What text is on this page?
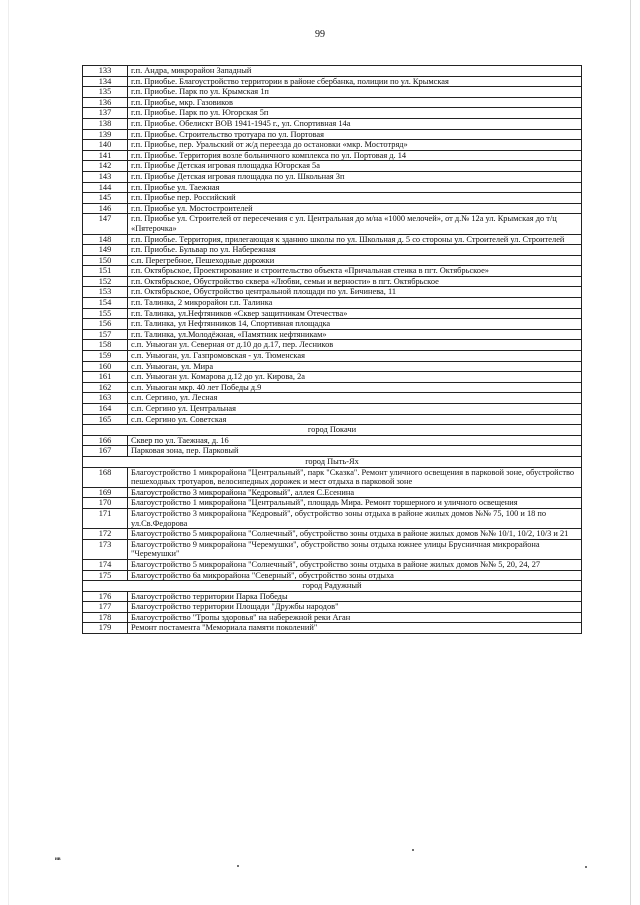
99
133	г.п. Андра, микрорайон Западный
134	г.п. Приобье. Благоустройство территории в районе сбербанка, полиции по ул. Крымская
135	г.п. Приобье. Парк по ул. Крымская 1п
136	г.п. Приобье, мкр. Газовиков
137	г.п. Приобье. Парк по ул. Югорская 5п
138	г.п. Приобье. Обелискт ВОВ 1941-1945 г., ул. Спортивная 14а
139	г.п. Приобье. Строительство тротуара по ул. Портовая
140	г.п. Приобье, пер. Уральский от ж/д переезда до остановки «мкр. Мостотряд»
141	г.п. Приобье. Территория возле больничного комплекса по ул. Портовая д. 14
142	г.п. Приобье Детская игровая площадка Югорская 5а
143	г.п. Приобье Детская игровая площадка по ул. Школьная 3п
144	г.п. Приобье ул. Таежная
145	г.п. Приобье пер. Российский
146	г.п. Приобье ул. Мостостроителей
147	г.п. Приобье ул. Строителей от пересечения с ул. Центральная до м/на «1000 мелочей», от д.№ 12а ул. Крымская до т/ц «Пятерочка»
148	г.п. Приобье. Территория, прилегающая к зданию школы по ул. Школьная д. 5 со стороны ул. Строителей ул. Строителей
149	г.п. Приобье. Бульвар по ул. Набережная
150	с.п. Перегребное, Пешеходные дорожки
151	г.п. Октябрьское, Проектирование и строительство объекта «Причальная стенка в пгт. Октябрьское»
152	г.п. Октябрьское, Обустройство сквера «Любви, семьи и верности» в пгт. Октябрьское
153	г.п. Октябрьское, Обустройство центральной площади по ул. Бичинева, 11
154	г.п. Талинка, 2 микрорайон г.п. Талинка
155	г.п. Талинка, ул.Нефтяников «Сквер защитникам Отечества»
156	г.п. Талинка, ул Нефтянников 14, Спортивная площадка
157	г.п. Талинка, ул.Молодёжная, «Памятник нефтяникам»
158	с.п. Уньюган ул. Северная от д.10 до д.17, пер. Лесников
159	с.п. Уньюган, ул. Газпромовская - ул. Тюменская
160	с.п. Уньюган, ул. Мира
161	с.п. Уньюган ул. Комарова д.12 до ул. Кирова, 2а
162	с.п. Уньюган мкр. 40 лет Победы д.9
163	с.п. Сергино, ул. Лесная
164	с.п. Сергино ул. Центральная
165	с.п. Сергино ул. Советская
город Покачи	
166	Сквер по ул. Таежная, д. 16
167	Парковая зона, пер. Парковый
город Пыть-Ях	
168	Благоустройство 1 микрорайона "Центральный", парк "Сказка". Ремонт уличного освещения в парковой зоне, обустройство пешеходных тротуаров, велосипедных дорожек и мест отдыха в парковой зоне
169	Благоустройство 3 микрорайона "Кедровый", аллея С.Есенина
170	Благоустройство 1 микрорайона "Центральный", площадь Мира. Ремонт торшерного и уличного освещения
171	Благоустройство 3 микрорайона "Кедровый", обустройство зоны отдыха в районе жилых домов №№ 75, 100 и 18 по ул.Св.Федорова
172	Благоустройство 5 микрорайона "Солнечный", обустройство зоны отдыха в районе жилых домов №№ 10/1, 10/2, 10/3 и 21
173	Благоустройство 9 микрорайона "Черемушки", обустройство зоны отдыха южнее улицы Брусничная микрорайона "Черемушки"
174	Благоустройство 5 микрорайона "Солнечный", обустройство зоны отдыха в районе жилых домов №№ 5, 20, 24, 27
175	Благоустройство 6а микрорайона "Северный", обустройство зоны отдыха
город Радужный	
176	Благоустройство территории Парка Победы
177	Благоустройство территории Площади "Дружбы народов"
178	Благоустройство "Тропы здоровья" на набережной реки Аган
179	Ремонт постамента "Мемориала памяти поколений"
нв
